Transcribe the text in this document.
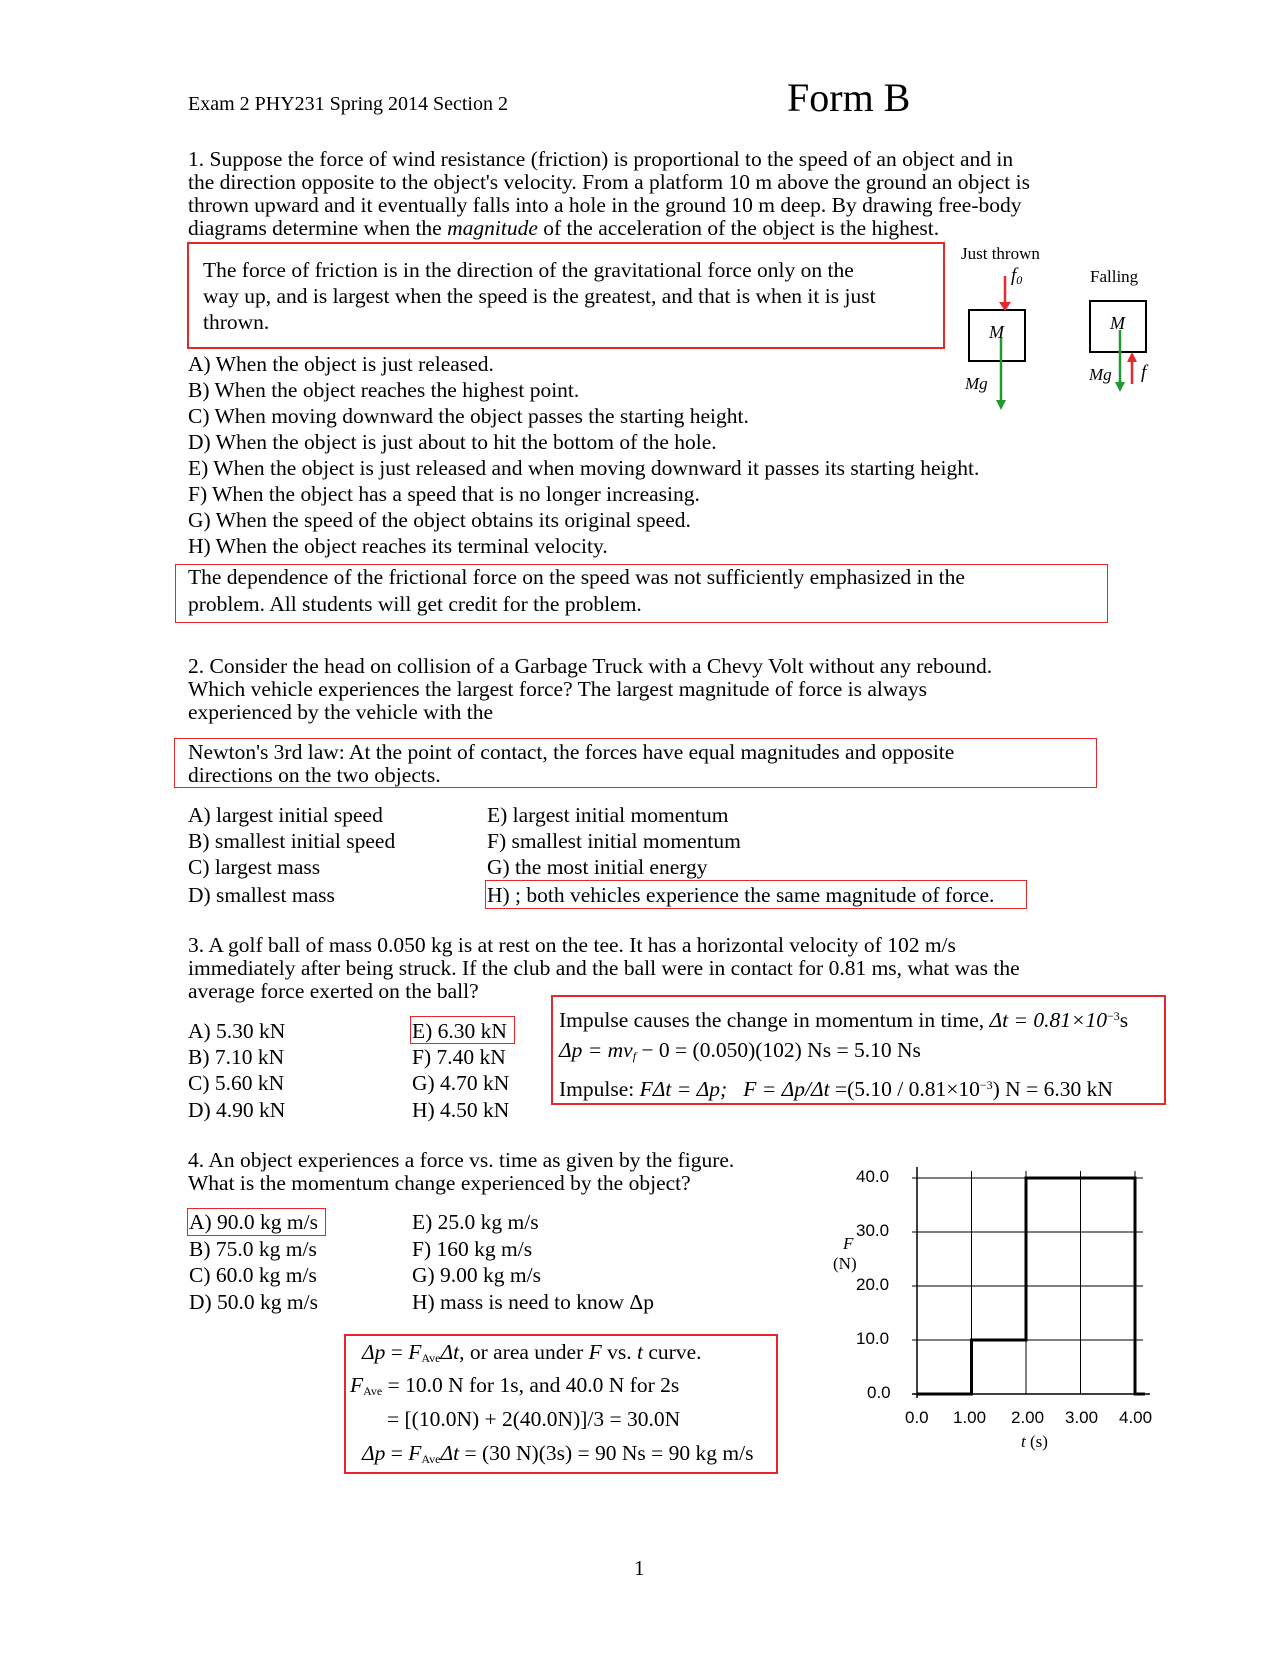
Exam 2 PHY231 Spring 2014 Section 2	Form B
1. Suppose the force of wind resistance (friction) is proportional to the speed of an object and in
the direction opposite to the object's velocity. From a platform 10 m above the ground an object is
thrown upward and it eventually falls into a hole in the ground 10 m deep. By drawing free-body
diagrams determine when the magnitude of the acceleration of the object is the highest.
The force of friction is in the direction of the gravitational force only on the
way up, and is largest when the speed is the greatest, and that is when it is just
thrown.
Just thrown
Falling
M	M
$f_0$
Mg	Mg f
A) When the object is just released.
B) When the object reaches the highest point.
C) When moving downward the object passes the starting height.
D) When the object is just about to hit the bottom of the hole.
E) When the object is just released and when moving downward it passes its starting height.
F) When the object has a speed that is no longer increasing.
G) When the speed of the object obtains its original speed.
H) When the object reaches its terminal velocity.
The dependence of the frictional force on the speed was not sufficiently emphasized in the
problem. All students will get credit for the problem.
2. Consider the head on collision of a Garbage Truck with a Chevy Volt without any rebound.
Which vehicle experiences the largest force? The largest magnitude of force is always
experienced by the vehicle with the
Newton's 3rd law: At the point of contact, the forces have equal magnitudes and opposite
directions on the two objects.
A) largest initial speed
B) smallest initial speed
C) largest mass
D) smallest mass
E) largest initial momentum
F) smallest initial momentum
G) the most initial energy
H) ; both vehicles experience the same magnitude of force.
3. A golf ball of mass 0.050 kg is at rest on the tee. It has a horizontal velocity of 102 m/s
immediately after being struck. If the club and the ball were in contact for 0.81 ms, what was the
average force exerted on the ball?
A) 5.30 kN
B) 7.10 kN
C) 5.60 kN
D) 4.90 kN
E) 6.30 kN
F) 7.40 kN
G) 4.70 kN
H) 4.50 kN
Impulse causes the change in momentum in time, $\Delta t = 0.81\times 10^{-3}s$
$\Delta p = mv_f - 0 = (0.050)(102) Ns = 5.10$ Ns
Impulse: FΔt = Δp; $F = \Delta p/\Delta t =(5.10 / 0.81\times 10^{-3})$ N = 6.30 kN
4. An object experiences a force vs. time as given by the figure.
What is the momentum change experienced by the object?
A) 90.0 kg m/s
B) 75.0 kg m/s
C) 60.0 kg m/s
D) 50.0 kg m/s
E) 25.0 kg m/s
F) 160 kg m/s
G) 9.00 kg m/s
H) mass is need to know Δp
$\Delta p = F_{Ave}\Delta t$, or area under F vs. t curve.
$F_{Ave} = 10.0$ N for 1s, and 40.0 N for 2s
= [(10.0N) + 2(40.0N)]/3 = 30.0N
$\Delta p = F_{Ave}\Delta t = (30$ N)(3s) = 90 Ns = 90 kg m/s
40.0
30.0
20.0
10.0
0.0
F
(N)
0.0 1.00 2.00 3.00 4.00
t (s)
1
